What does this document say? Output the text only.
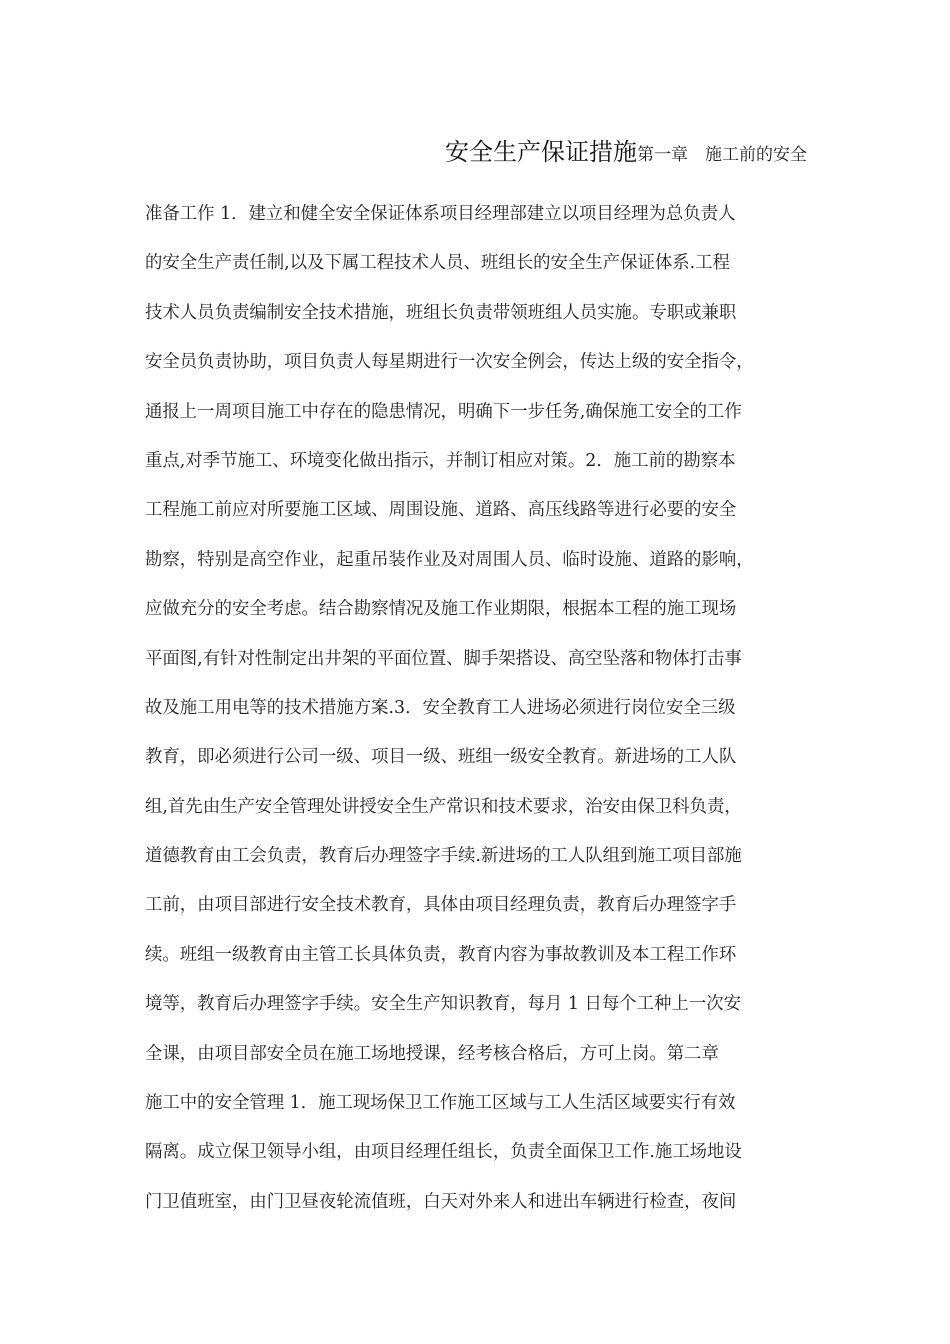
安全生产保证措施第一章　施工前的安全
准备工作 1．建立和健全安全保证体系项目经理部建立以项目经理为总负责人
的安全生产责任制,以及下属工程技术人员、班组长的安全生产保证体系.工程
技术人员负责编制安全技术措施，班组长负责带领班组人员实施。专职或兼职
安全员负责协助，项目负责人每星期进行一次安全例会，传达上级的安全指令，
通报上一周项目施工中存在的隐患情况，明确下一步任务,确保施工安全的工作
重点,对季节施工、环境变化做出指示，并制订相应对策。2．施工前的勘察本
工程施工前应对所要施工区域、周围设施、道路、高压线路等进行必要的安全
勘察，特别是高空作业，起重吊装作业及对周围人员、临时设施、道路的影响，
应做充分的安全考虑。结合勘察情况及施工作业期限，根据本工程的施工现场
平面图,有针对性制定出井架的平面位置、脚手架搭设、高空坠落和物体打击事
故及施工用电等的技术措施方案.3．安全教育工人进场必须进行岗位安全三级
教育，即必须进行公司一级、项目一级、班组一级安全教育。新进场的工人队
组,首先由生产安全管理处讲授安全生产常识和技术要求，治安由保卫科负责，
道德教育由工会负责，教育后办理签字手续.新进场的工人队组到施工项目部施
工前，由项目部进行安全技术教育，具体由项目经理负责，教育后办理签字手
续。班组一级教育由主管工长具体负责，教育内容为事故教训及本工程工作环
境等，教育后办理签字手续。安全生产知识教育，每月 1 日每个工种上一次安
全课，由项目部安全员在施工场地授课，经考核合格后，方可上岗。第二章
施工中的安全管理 1．施工现场保卫工作施工区域与工人生活区域要实行有效
隔离。成立保卫领导小组，由项目经理任组长，负责全面保卫工作.施工场地设
门卫值班室，由门卫昼夜轮流值班，白天对外来人和进出车辆进行检查，夜间
